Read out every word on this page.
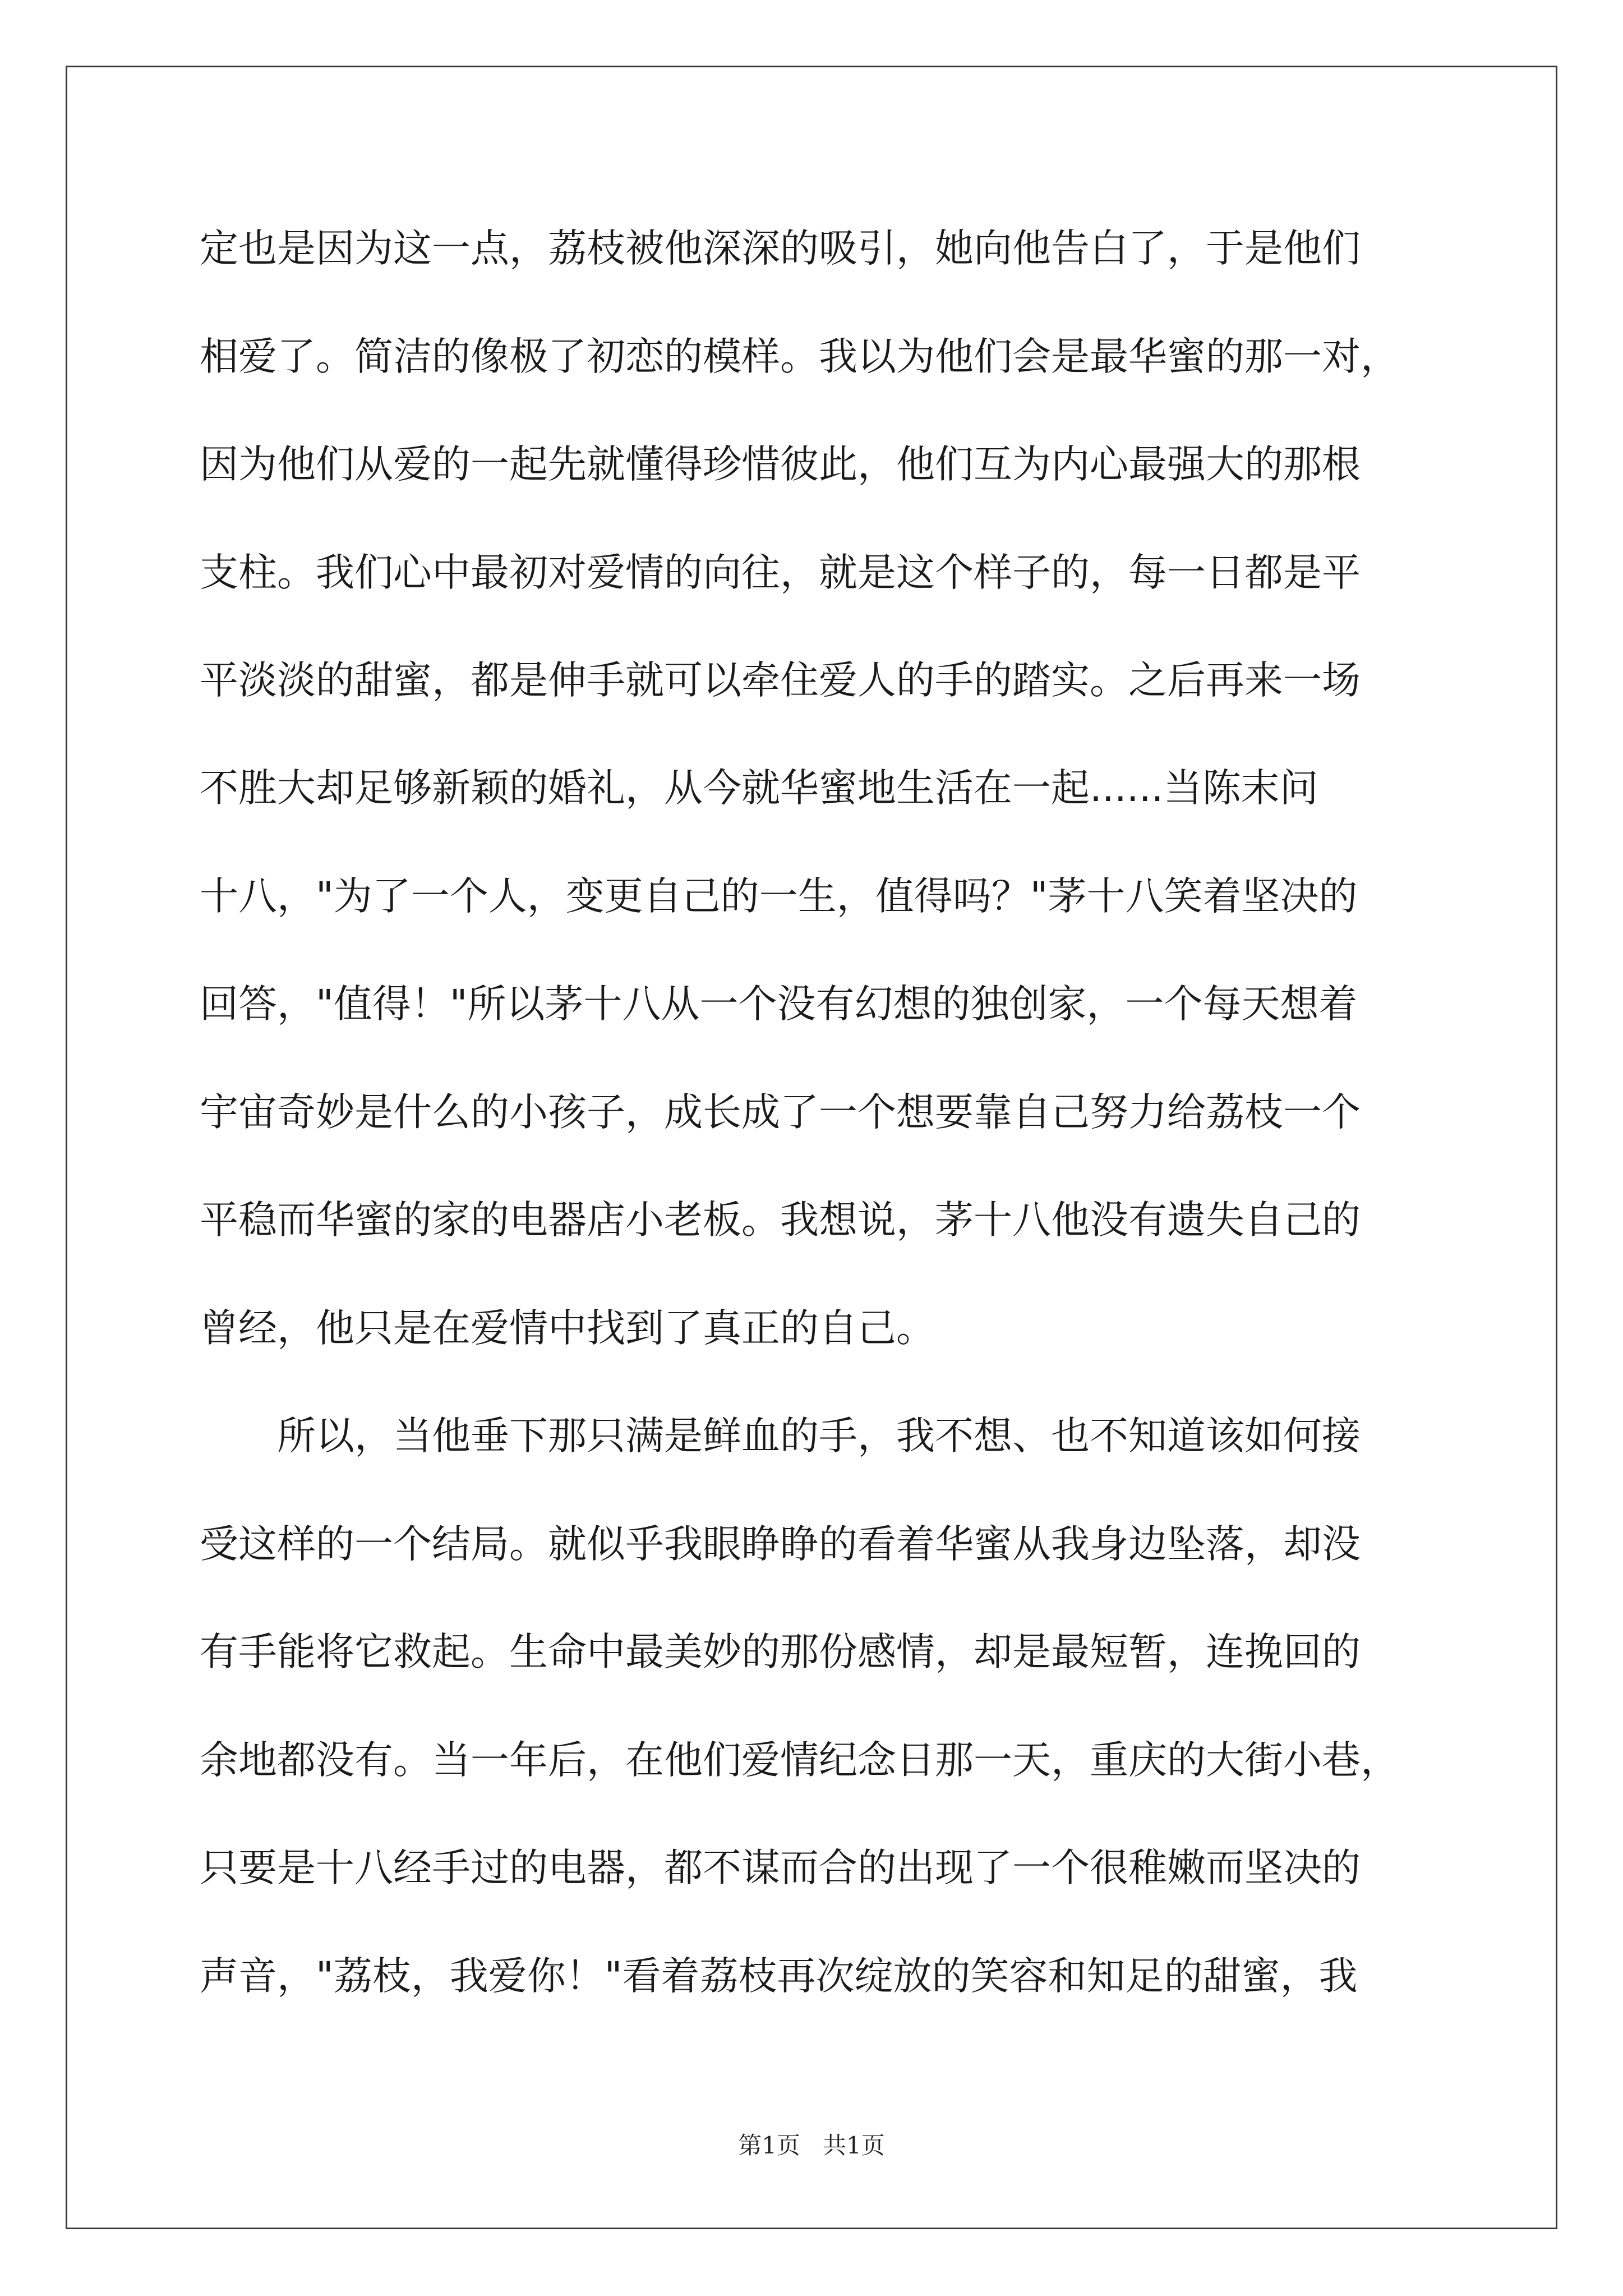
定也是因为这一点，荔枝被他深深的吸引，她向他告白了，于是他们
相爱了。简洁的像极了初恋的模样。我以为他们会是最华蜜的那一对，
因为他们从爱的一起先就懂得珍惜彼此，他们互为内心最强大的那根
支柱。我们心中最初对爱情的向往，就是这个样子的，每一日都是平
平淡淡的甜蜜，都是伸手就可以牵住爱人的手的踏实。之后再来一场
不胜大却足够新颖的婚礼，从今就华蜜地生活在一起......当陈末问
十八，"为了一个人，变更自己的一生，值得吗？"茅十八笑着坚决的
回答，"值得！"所以茅十八从一个没有幻想的独创家，一个每天想着
宇宙奇妙是什么的小孩子，成长成了一个想要靠自己努力给荔枝一个
平稳而华蜜的家的电器店小老板。我想说，茅十八他没有遗失自己的
曾经，他只是在爱情中找到了真正的自己。
　　所以，当他垂下那只满是鲜血的手，我不想、也不知道该如何接
受这样的一个结局。就似乎我眼睁睁的看着华蜜从我身边坠落，却没
有手能将它救起。生命中最美妙的那份感情，却是最短暂，连挽回的
余地都没有。当一年后，在他们爱情纪念日那一天，重庆的大街小巷，
只要是十八经手过的电器，都不谋而合的出现了一个很稚嫩而坚决的
声音，"荔枝，我爱你！"看着荔枝再次绽放的笑容和知足的甜蜜，我
第1页 共1页
